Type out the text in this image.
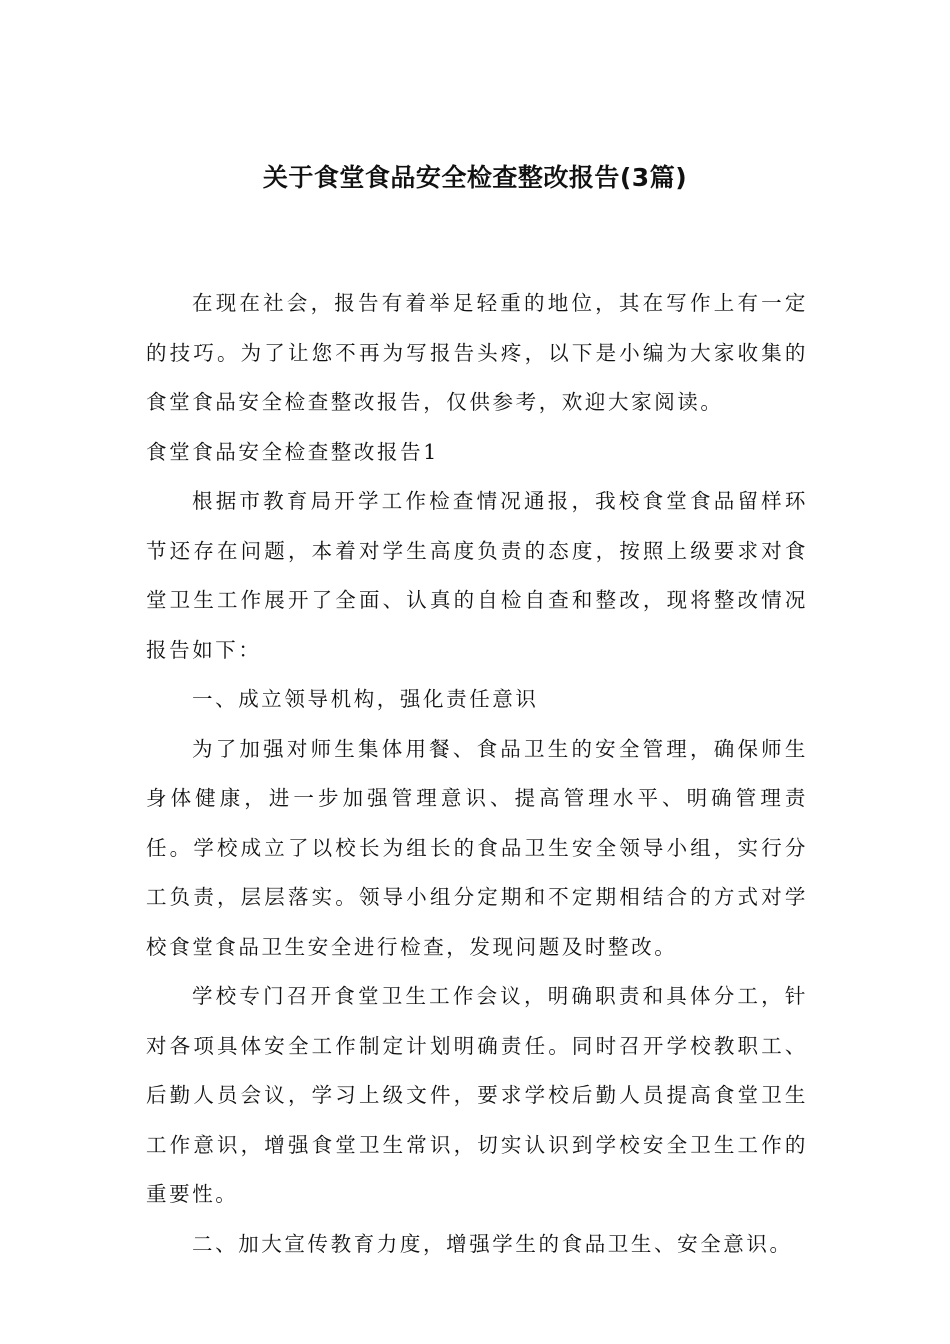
关于食堂食品安全检查整改报告(3篇)

在现在社会，报告有着举足轻重的地位，其在写作上有一定的技巧。为了让您不再为写报告头疼，以下是小编为大家收集的食堂食品安全检查整改报告，仅供参考，欢迎大家阅读。

食堂食品安全检查整改报告1

根据市教育局开学工作检查情况通报，我校食堂食品留样环节还存在问题，本着对学生高度负责的态度，按照上级要求对食堂卫生工作展开了全面、认真的自检自查和整改，现将整改情况报告如下：

一、成立领导机构，强化责任意识

为了加强对师生集体用餐、食品卫生的安全管理，确保师生身体健康，进一步加强管理意识、提高管理水平、明确管理责任。学校成立了以校长为组长的食品卫生安全领导小组，实行分工负责，层层落实。领导小组分定期和不定期相结合的方式对学校食堂食品卫生安全进行检查，发现问题及时整改。

学校专门召开食堂卫生工作会议，明确职责和具体分工，针对各项具体安全工作制定计划明确责任。同时召开学校教职工、后勤人员会议，学习上级文件，要求学校后勤人员提高食堂卫生工作意识，增强食堂卫生常识，切实认识到学校安全卫生工作的重要性。

二、加大宣传教育力度，增强学生的食品卫生、安全意识。
